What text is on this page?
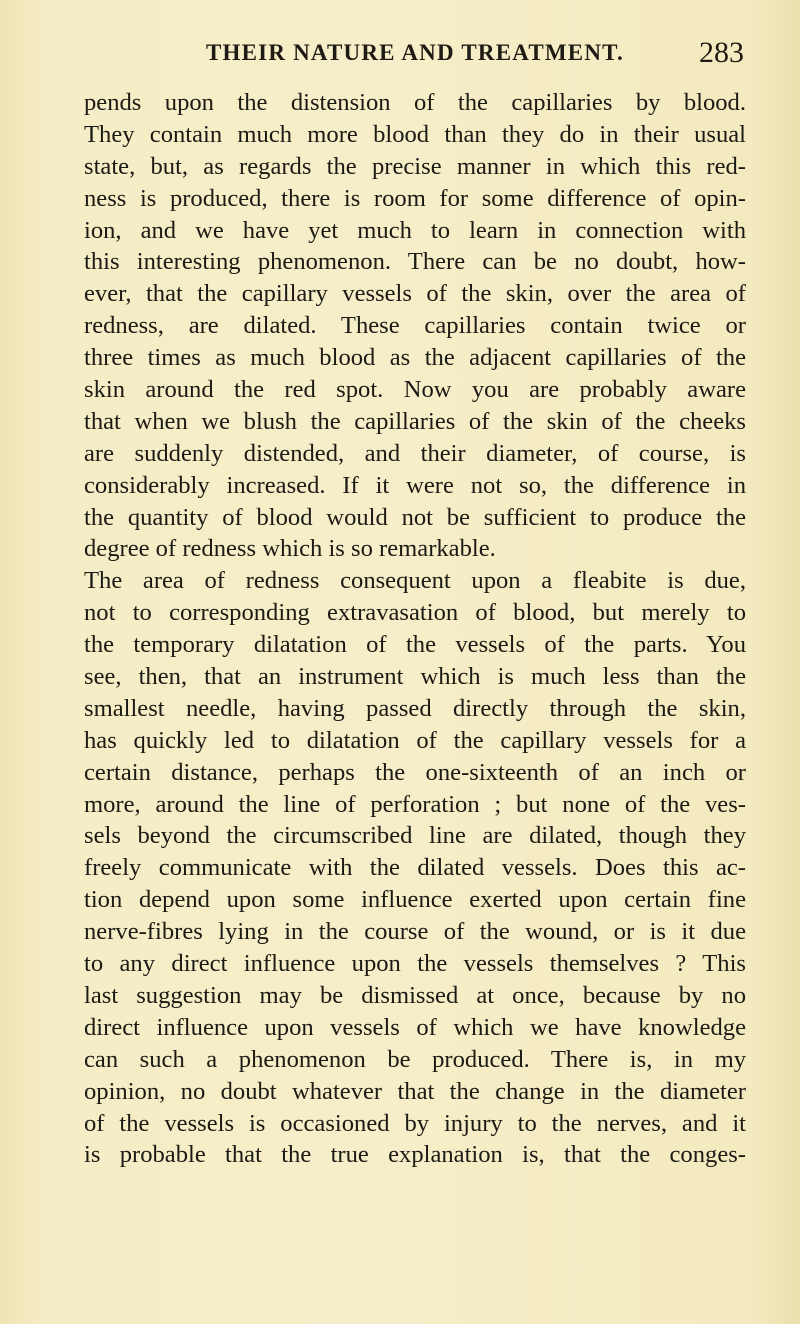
THEIR NATURE AND TREATMENT.	283
pends upon the distension of the capillaries by blood.
They contain much more blood than they do in their usual
state, but, as regards the precise manner in which this red-
ness is produced, there is room for some difference of opin-
ion, and we have yet much to learn in connection with
this interesting phenomenon. There can be no doubt, how-
ever, that the capillary vessels of the skin, over the area of
redness, are dilated. These capillaries contain twice or
three times as much blood as the adjacent capillaries of the
skin around the red spot. Now you are probably aware
that when we blush the capillaries of the skin of the cheeks
are suddenly distended, and their diameter, of course, is
considerably increased. If it were not so, the difference in
the quantity of blood would not be sufficient to produce the
degree of redness which is so remarkable.
The area of redness consequent upon a fleabite is due,
not to corresponding extravasation of blood, but merely to
the temporary dilatation of the vessels of the parts. You
see, then, that an instrument which is much less than the
smallest needle, having passed directly through the skin,
has quickly led to dilatation of the capillary vessels for a
certain distance, perhaps the one-sixteenth of an inch or
more, around the line of perforation ; but none of the ves-
sels beyond the circumscribed line are dilated, though they
freely communicate with the dilated vessels. Does this ac-
tion depend upon some influence exerted upon certain fine
nerve-fibres lying in the course of the wound, or is it due
to any direct influence upon the vessels themselves ? This
last suggestion may be dismissed at once, because by no
direct influence upon vessels of which we have knowledge
can such a phenomenon be produced. There is, in my
opinion, no doubt whatever that the change in the diameter
of the vessels is occasioned by injury to the nerves, and it
is probable that the true explanation is, that the conges-
